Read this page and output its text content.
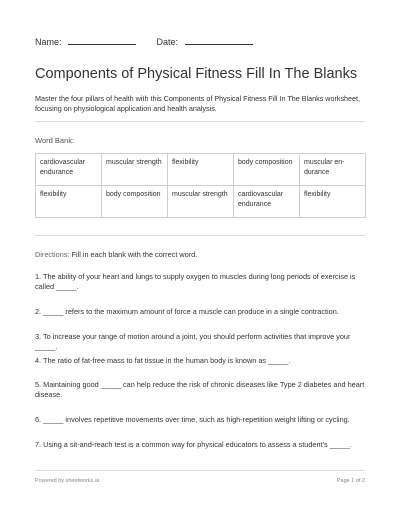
Name:	Date:
Components of Physical Fitness Fill In The Blanks
Master the four pillars of health with this Components of Physical Fitness Fill In The Blanks worksheet, focusing on physiological application and health analysis.
Word Bank:
cardiovascular endurance	muscular strength	flexibility	body composition	muscular en-durance
flexibility	body composition	muscular strength	cardiovascular endurance	flexibility
Directions: Fill in each blank with the correct word.
1. The ability of your heart and lungs to supply oxygen to muscles during long periods of exercise is called _____.
2. _____ refers to the maximum amount of force a muscle can produce in a single contraction.
3. To increase your range of motion around a joint, you should perform activities that improve your _____.
4. The ratio of fat-free mass to fat tissue in the human body is known as _____.
5. Maintaining good _____ can help reduce the risk of chronic diseases like Type 2 diabetes and heart disease.
6. _____ involves repetitive movements over time, such as high-repetition weight lifting or cycling.
7. Using a sit-and-reach test is a common way for physical educators to assess a student's _____.
Powered by sheetworks.ai	Page 1 of 2
